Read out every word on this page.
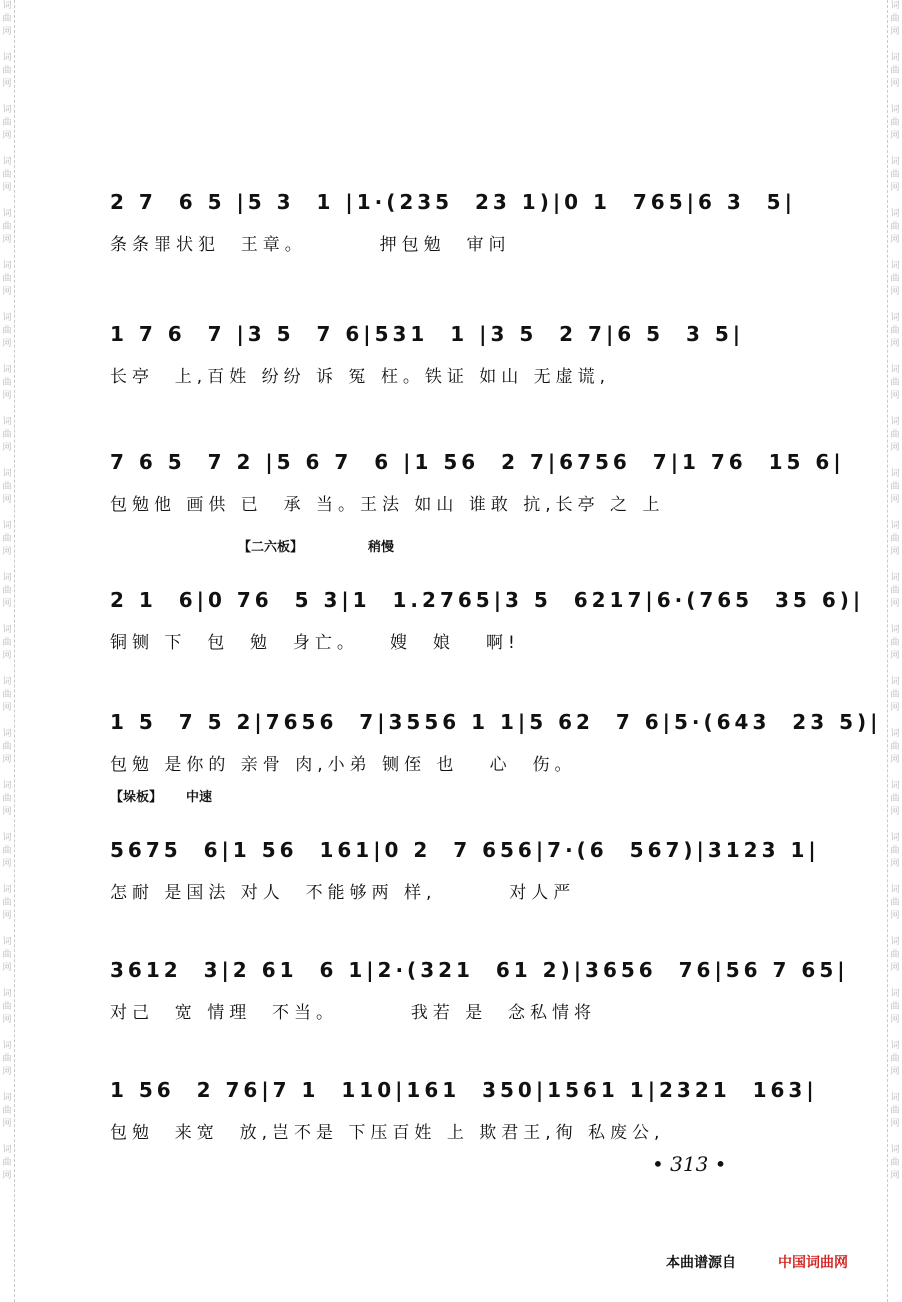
词
曲
网

词
曲
网

词
曲
网

词
曲
网

词
曲
网

词
曲
网

词
曲
网

词
曲
网

词
曲
网

词
曲
网

词
曲
网

词
曲
网

词
曲
网

词
曲
网

词
曲
网

词
曲
网

词
曲
网

词
曲
网

词
曲
网

词
曲
网

词
曲
网

词
曲
网

词
曲
网
词
曲
网

词
曲
网

词
曲
网

词
曲
网

词
曲
网

词
曲
网

词
曲
网

词
曲
网

词
曲
网

词
曲
网

词
曲
网

词
曲
网

词
曲
网

词
曲
网

词
曲
网

词
曲
网

词
曲
网

词
曲
网

词
曲
网

词
曲
网

词
曲
网

词
曲
网

词
曲
网
2 7  6 5 |5 3  1 |1·(235  23 1)|0 1  765|6 3  5|
条条罪状犯  王章。       押包勉  审问
1 7 6  7 |3 5  7 6|531  1 |3 5  2 7|6 5  3 5|
长亭  上,百姓 纷纷 诉 冤 枉。铁证 如山 无虚谎,
7 6 5  7 2 |5 6 7  6 |1 56  2 7|6756  7|1 76  15 6|
包勉他 画供 已  承 当。王法 如山 谁敢 抗,长亭 之 上
【二六板】	稍慢
2 1  6|0 76  5 3|1  1.2765|3 5  6217|6·(765  35 6)|
铜铡 下  包  勉  身亡。   嫂  娘   啊!
1 5  7 5 2|7656  7|3556 1 1|5 62  7 6|5·(643  23 5)|
包勉 是你的 亲骨 肉,小弟 铡侄 也   心  伤。
【垛板】 中速
5675  6|1 56  161|0 2  7 656|7·(6  567)|3123 1|
怎耐 是国法 对人  不能够两 样,       对人严
3612  3|2 61  6 1|2·(321  61 2)|3656  76|56 7 65|
对己  宽 情理  不当。       我若 是  念私情将
1 56  2 76|7 1  110|161  350|1561 1|2321  163|
包勉  来宽  放,岂不是 下压百姓 上 欺君王,徇 私废公,
• 313 •
本曲谱源自	中国词曲网
